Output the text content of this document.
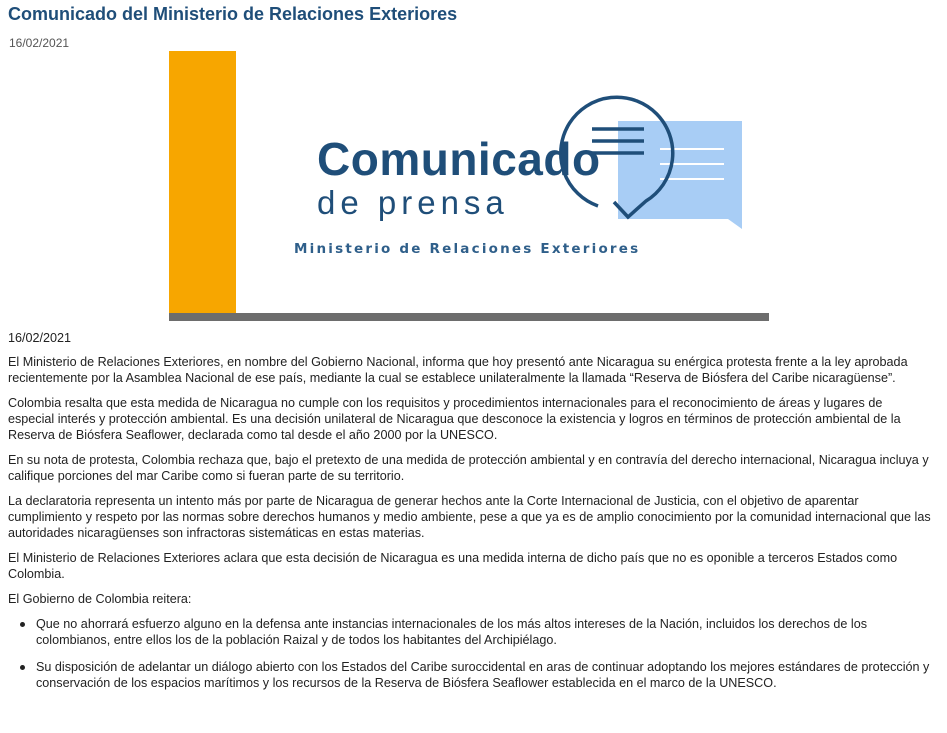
Comunicado del Ministerio de Relaciones Exteriores
16/02/2021
Comunicado
de prensa
Ministerio de Relaciones Exteriores

16/02/2021

El Ministerio de Relaciones Exteriores, en nombre del Gobierno Nacional, informa que hoy presentó ante Nicaragua su enérgica protesta frente a la ley aprobada recientemente por la Asamblea Nacional de ese país, mediante la cual se establece unilateralmente la llamada “Reserva de Biósfera del Caribe nicaragüense”.

Colombia resalta que esta medida de Nicaragua no cumple con los requisitos y procedimientos internacionales para el reconocimiento de áreas y lugares de especial interés y protección ambiental. Es una decisión unilateral de Nicaragua que desconoce la existencia y logros en términos de protección ambiental de la Reserva de Biósfera Seaflower, declarada como tal desde el año 2000 por la UNESCO.

En su nota de protesta, Colombia rechaza que, bajo el pretexto de una medida de protección ambiental y en contravía del derecho internacional, Nicaragua incluya y califique porciones del mar Caribe como si fueran parte de su territorio.

La declaratoria representa un intento más por parte de Nicaragua de generar hechos ante la Corte Internacional de Justicia, con el objetivo de aparentar cumplimiento y respeto por las normas sobre derechos humanos y medio ambiente, pese a que ya es de amplio conocimiento por la comunidad internacional que las autoridades nicaragüenses son infractoras sistemáticas en estas materias.

El Ministerio de Relaciones Exteriores aclara que esta decisión de Nicaragua es una medida interna de dicho país que no es oponible a terceros Estados como Colombia.

El Gobierno de Colombia reitera:

Que no ahorrará esfuerzo alguno en la defensa ante instancias internacionales de los más altos intereses de la Nación, incluidos los derechos de los colombianos, entre ellos los de la población Raizal y de todos los habitantes del Archipiélago.
Su disposición de adelantar un diálogo abierto con los Estados del Caribe suroccidental en aras de continuar adoptando los mejores estándares de protección y conservación de los espacios marítimos y los recursos de la Reserva de Biósfera Seaflower establecida en el marco de la UNESCO.
